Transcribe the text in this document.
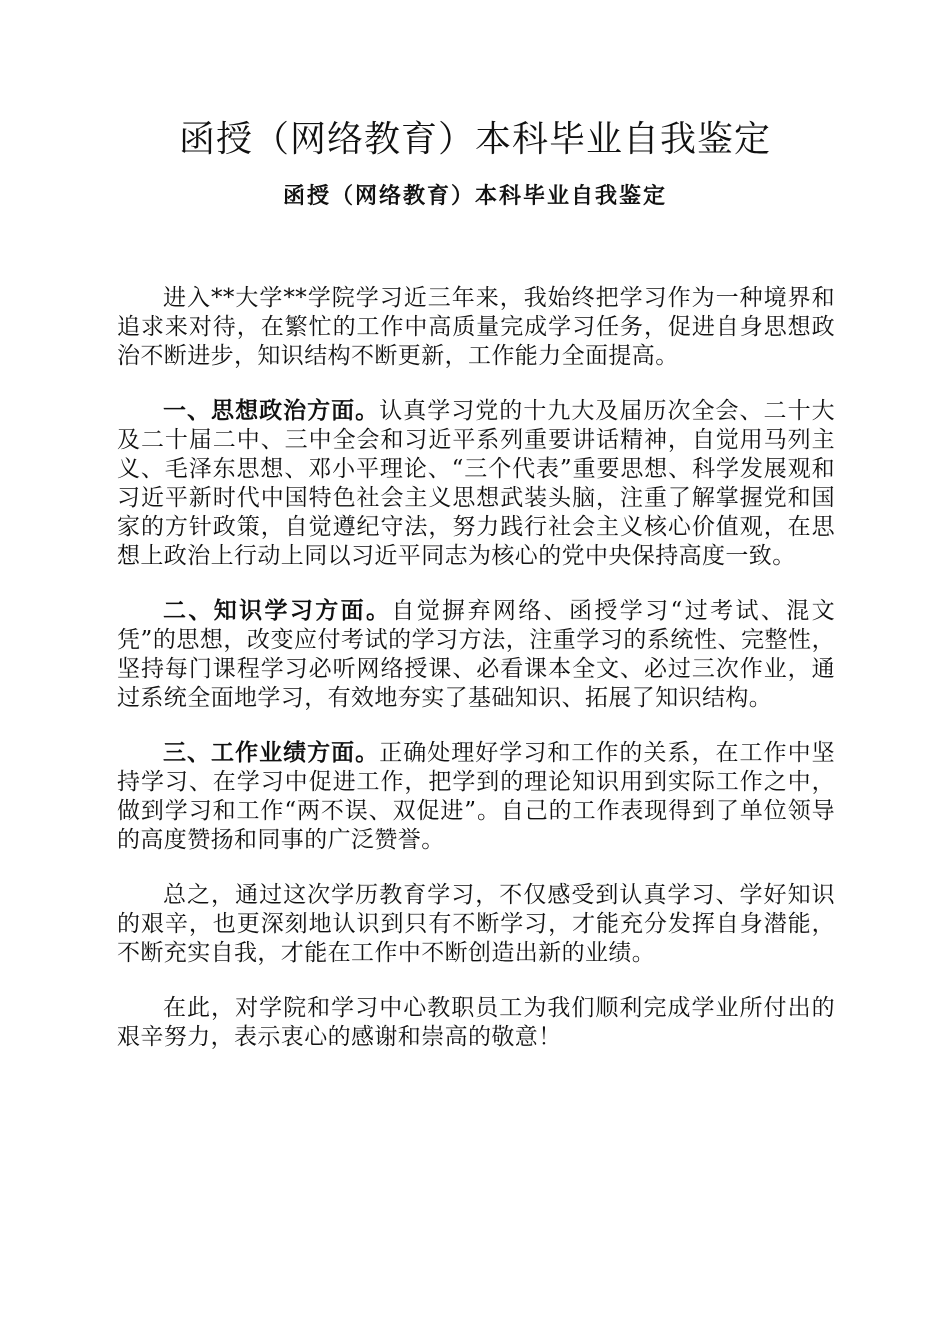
函授（网络教育）本科毕业自我鉴定
函授（网络教育）本科毕业自我鉴定

进入**大学**学院学习近三年来，我始终把学习作为一种境界和追求来对待，在繁忙的工作中高质量完成学习任务，促进自身思想政治不断进步，知识结构不断更新，工作能力全面提高。

一、思想政治方面。认真学习党的十九大及届历次全会、二十大及二十届二中、三中全会和习近平系列重要讲话精神，自觉用马列主义、毛泽东思想、邓小平理论、“三个代表”重要思想、科学发展观和习近平新时代中国特色社会主义思想武装头脑，注重了解掌握党和国家的方针政策，自觉遵纪守法，努力践行社会主义核心价值观，在思想上政治上行动上同以习近平同志为核心的党中央保持高度一致。

二、知识学习方面。自觉摒弃网络、函授学习“过考试、混文凭”的思想，改变应付考试的学习方法，注重学习的系统性、完整性，坚持每门课程学习必听网络授课、必看课本全文、必过三次作业，通过系统全面地学习，有效地夯实了基础知识、拓展了知识结构。

三、工作业绩方面。正确处理好学习和工作的关系，在工作中坚持学习、在学习中促进工作，把学到的理论知识用到实际工作之中，做到学习和工作“两不误、双促进”。自己的工作表现得到了单位领导的高度赞扬和同事的广泛赞誉。

总之，通过这次学历教育学习，不仅感受到认真学习、学好知识的艰辛，也更深刻地认识到只有不断学习，才能充分发挥自身潜能，不断充实自我，才能在工作中不断创造出新的业绩。

在此，对学院和学习中心教职员工为我们顺利完成学业所付出的艰辛努力，表示衷心的感谢和崇高的敬意！
